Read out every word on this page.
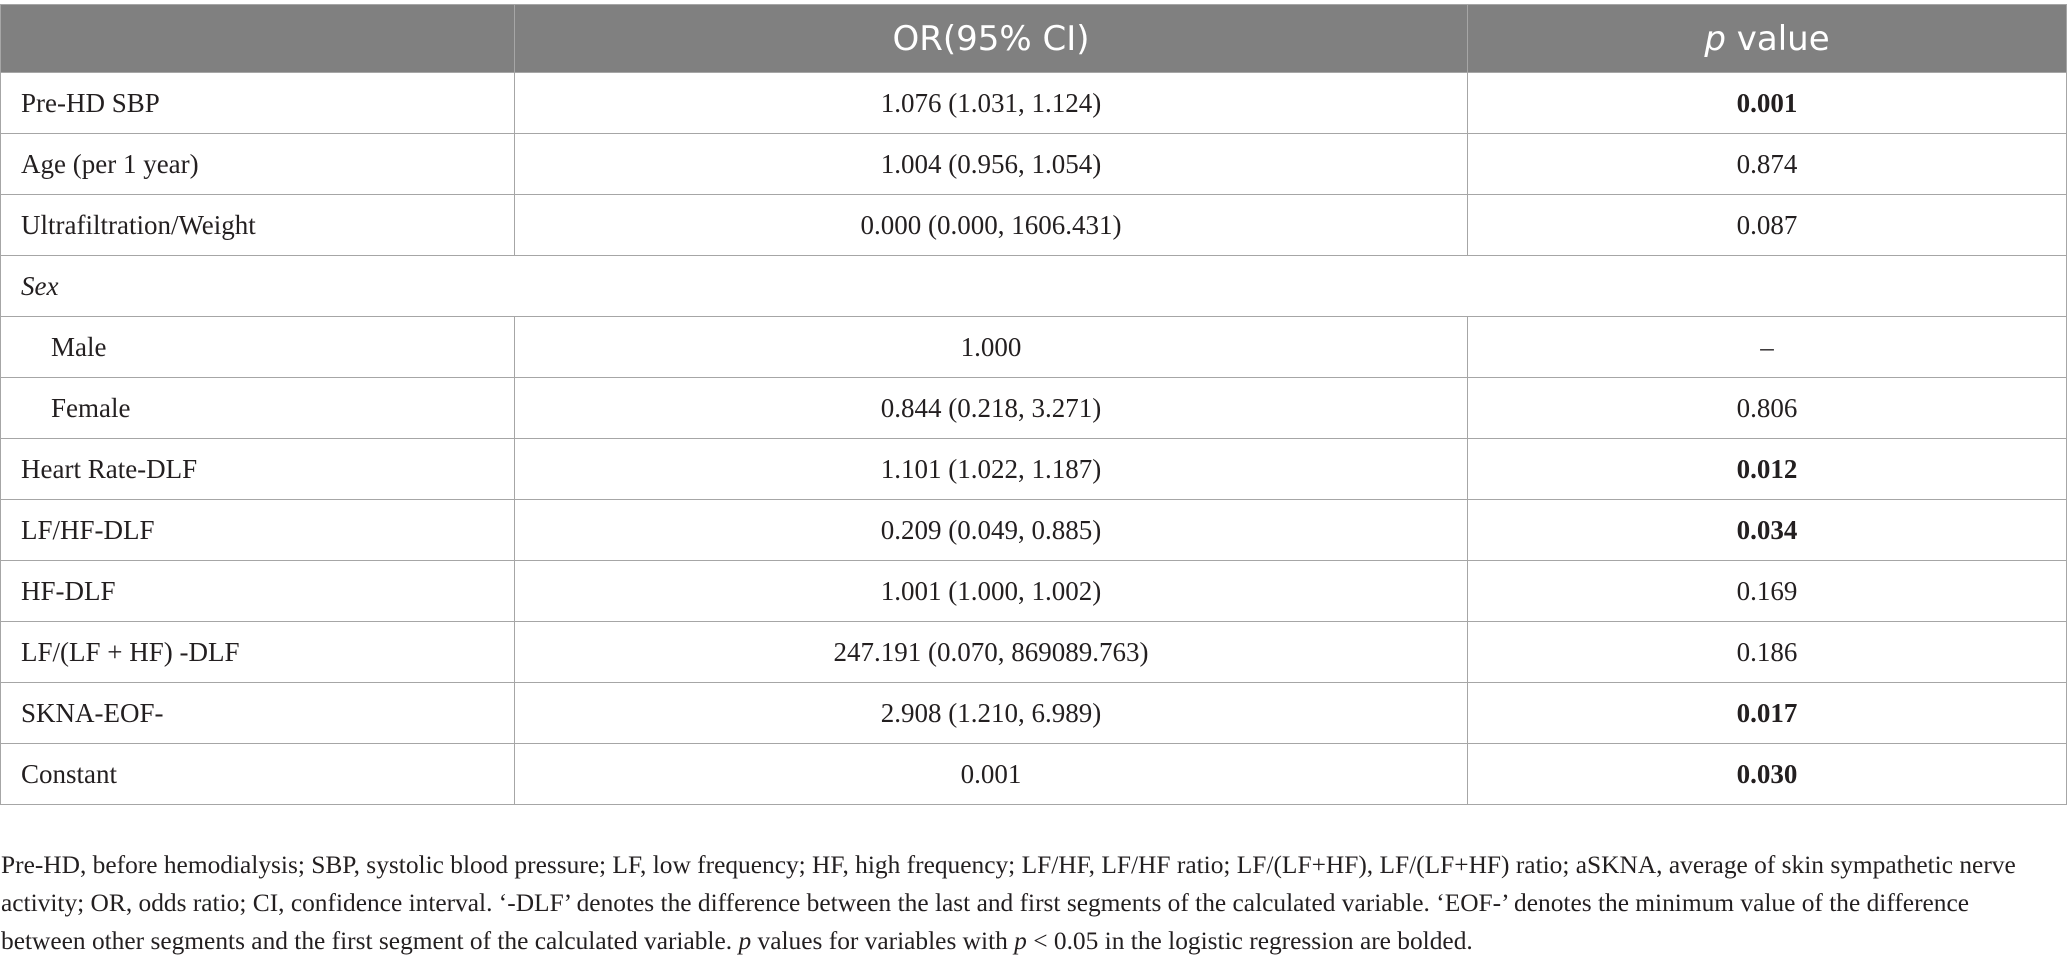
	OR(95% CI)	p value
Pre-HD SBP	1.076 (1.031, 1.124)	0.001
Age (per 1 year)	1.004 (0.956, 1.054)	0.874
Ultrafiltration/Weight	0.000 (0.000, 1606.431)	0.087
Sex		
Male	1.000	–
Female	0.844 (0.218, 3.271)	0.806
Heart Rate-DLF	1.101 (1.022, 1.187)	0.012
LF/HF-DLF	0.209 (0.049, 0.885)	0.034
HF-DLF	1.001 (1.000, 1.002)	0.169
LF/(LF + HF) -DLF	247.191 (0.070, 869089.763)	0.186
SKNA-EOF-	2.908 (1.210, 6.989)	0.017
Constant	0.001	0.030
Pre-HD, before hemodialysis; SBP, systolic blood pressure; LF, low frequency; HF, high frequency; LF/HF, LF/HF ratio; LF/(LF+HF), LF/(LF+HF) ratio; aSKNA, average of skin sympathetic nerve activity; OR, odds ratio; CI, confidence interval. ‘-DLF’ denotes the difference between the last and first segments of the calculated variable. ‘EOF-’ denotes the minimum value of the difference between other segments and the first segment of the calculated variable. p values for variables with p < 0.05 in the logistic regression are bolded.
